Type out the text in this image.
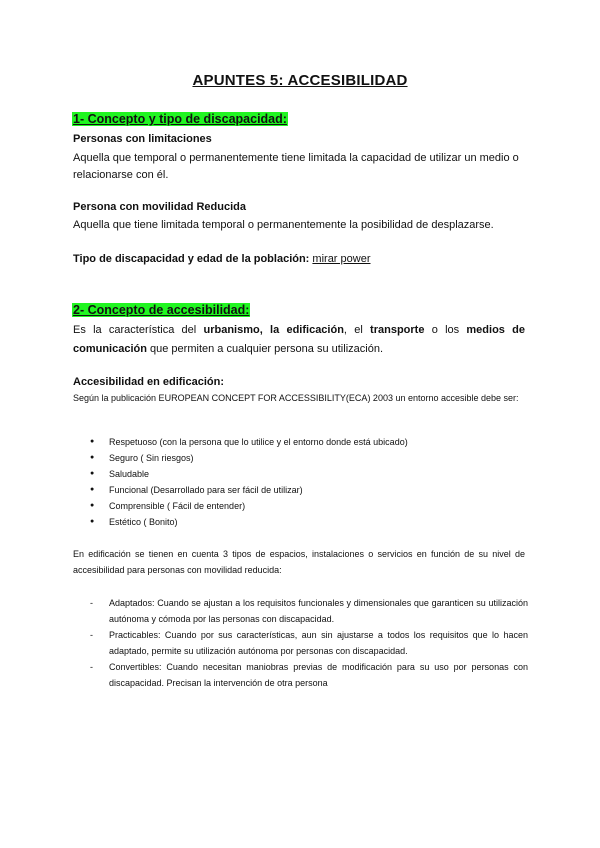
APUNTES 5: ACCESIBILIDAD
1- Concepto y tipo de discapacidad:
Personas con limitaciones
Aquella que temporal o permanentemente tiene limitada la capacidad de utilizar un medio o
relacionarse con él.
Persona con movilidad Reducida
Aquella que tiene limitada temporal o permanentemente la posibilidad de desplazarse.
Tipo de discapacidad y edad de la población: mirar power
2- Concepto de accesibilidad:
Es la característica del urbanismo, la edificación, el transporte o los medios de comunicación que permiten a cualquier persona su utilización.
Accesibilidad en edificación:
Según la publicación EUROPEAN CONCEPT FOR ACCESSIBILITY(ECA) 2003 un entorno accesible debe ser:
● Respetuoso (con la persona que lo utilice y el entorno donde está ubicado)
● Seguro ( Sin riesgos)
● Saludable
● Funcional (Desarrollado para ser fácil de utilizar)
● Comprensible ( Fácil de entender)
● Estético ( Bonito)
En edificación se tienen en cuenta 3 tipos de espacios, instalaciones o servicios en función de su nivel de accesibilidad para personas con movilidad reducida:
- Adaptados: Cuando se ajustan a los requisitos funcionales y dimensionales que garanticen su utilización autónoma y cómoda por las personas con discapacidad.
- Practicables: Cuando por sus características, aun sin ajustarse a todos los requisitos que lo hacen adaptado, permite su utilización autónoma por personas con discapacidad.
- Convertibles: Cuando necesitan maniobras previas de modificación para su uso por personas con discapacidad. Precisan la intervención de otra persona
